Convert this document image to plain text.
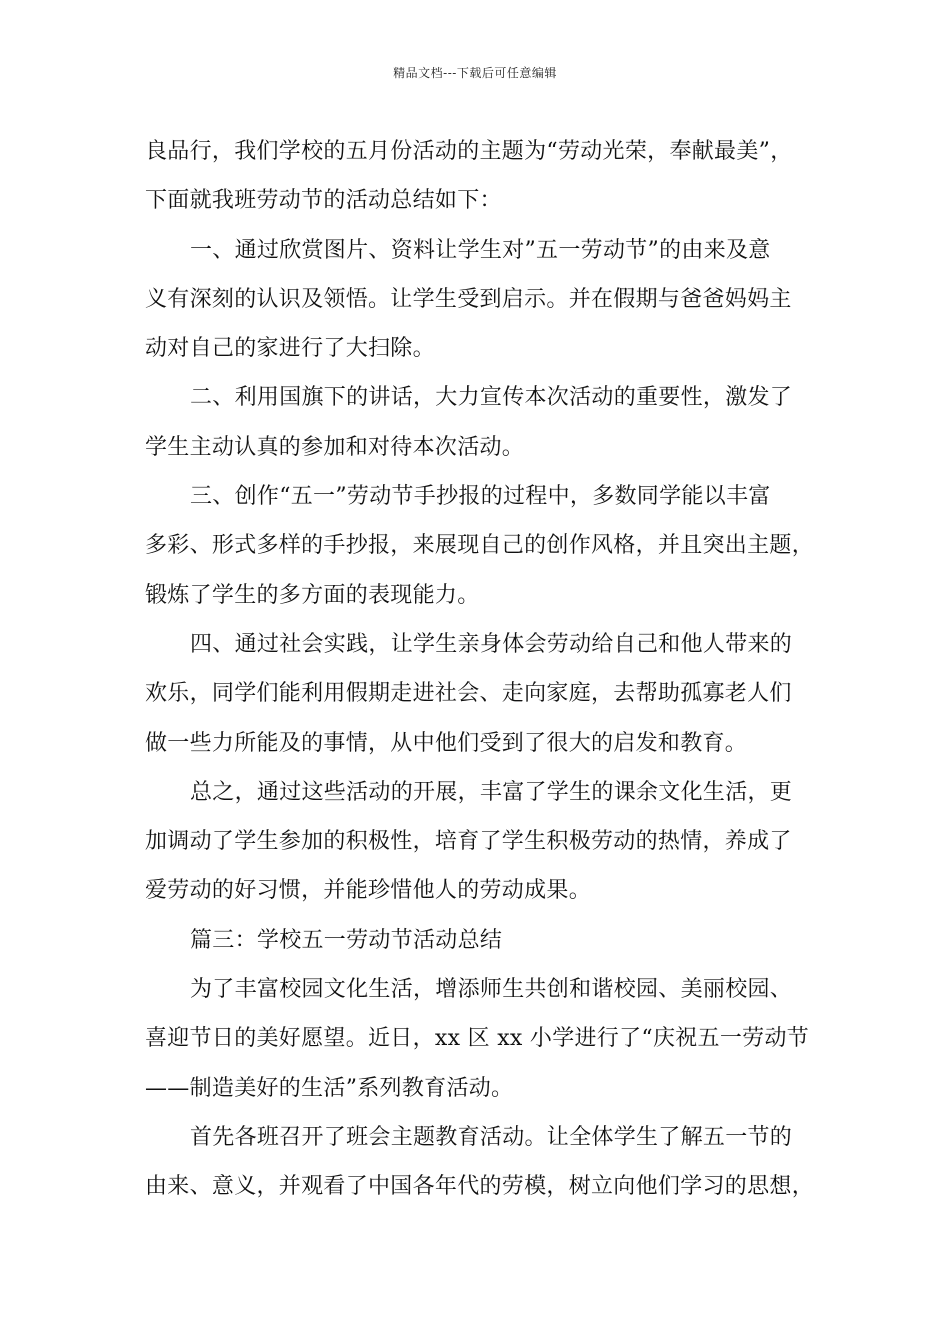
精品文档---下载后可任意编辑
良品行，我们学校的五月份活动的主题为“劳动光荣，奉献最美”，
下面就我班劳动节的活动总结如下：
一、通过欣赏图片、资料让学生对”五一劳动节”的由来及意
义有深刻的认识及领悟。让学生受到启示。并在假期与爸爸妈妈主
动对自己的家进行了大扫除。
二、利用国旗下的讲话，大力宣传本次活动的重要性，激发了
学生主动认真的参加和对待本次活动。
三、创作“五一”劳动节手抄报的过程中，多数同学能以丰富
多彩、形式多样的手抄报，来展现自己的创作风格，并且突出主题，
锻炼了学生的多方面的表现能力。
四、通过社会实践，让学生亲身体会劳动给自己和他人带来的
欢乐，同学们能利用假期走进社会、走向家庭，去帮助孤寡老人们
做一些力所能及的事情，从中他们受到了很大的启发和教育。
总之，通过这些活动的开展，丰富了学生的课余文化生活，更
加调动了学生参加的积极性，培育了学生积极劳动的热情，养成了
爱劳动的好习惯，并能珍惜他人的劳动成果。
篇三：学校五一劳动节活动总结
为了丰富校园文化生活，增添师生共创和谐校园、美丽校园、
喜迎节日的美好愿望。近日，xx 区 xx 小学进行了“庆祝五一劳动节
——制造美好的生活”系列教育活动。
首先各班召开了班会主题教育活动。让全体学生了解五一节的
由来、意义，并观看了中国各年代的劳模，树立向他们学习的思想，
